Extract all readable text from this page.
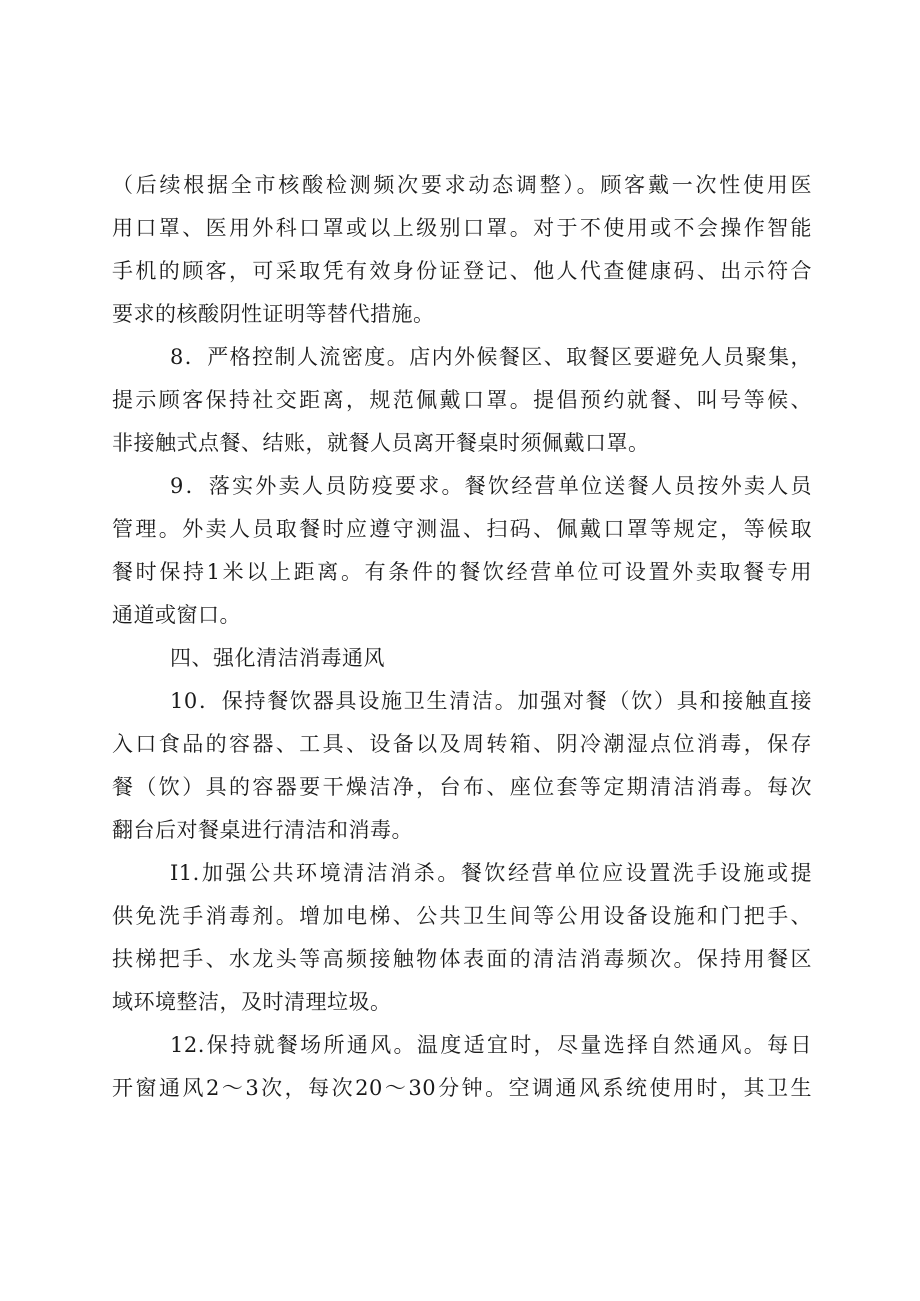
（后续根据全市核酸检测频次要求动态调整）。顾客戴一次性使用医
用口罩、医用外科口罩或以上级别口罩。对于不使用或不会操作智能
手机的顾客，可采取凭有效身份证登记、他人代查健康码、出示符合
要求的核酸阴性证明等替代措施。
8．严格控制人流密度。店内外候餐区、取餐区要避免人员聚集，
提示顾客保持社交距离，规范佩戴口罩。提倡预约就餐、叫号等候、
非接触式点餐、结账，就餐人员离开餐桌时须佩戴口罩。
9．落实外卖人员防疫要求。餐饮经营单位送餐人员按外卖人员
管理。外卖人员取餐时应遵守测温、扫码、佩戴口罩等规定，等候取
餐时保持1米以上距离。有条件的餐饮经营单位可设置外卖取餐专用
通道或窗口。
四、强化清洁消毒通风
10．保持餐饮器具设施卫生清洁。加强对餐（饮）具和接触直接
入口食品的容器、工具、设备以及周转箱、阴冷潮湿点位消毒，保存
餐（饮）具的容器要干燥洁净，台布、座位套等定期清洁消毒。每次
翻台后对餐桌进行清洁和消毒。
I1.加强公共环境清洁消杀。餐饮经营单位应设置洗手设施或提
供免洗手消毒剂。增加电梯、公共卫生间等公用设备设施和门把手、
扶梯把手、水龙头等高频接触物体表面的清洁消毒频次。保持用餐区
域环境整洁，及时清理垃圾。
12.保持就餐场所通风。温度适宜时，尽量选择自然通风。每日
开窗通风2～3次，每次20～30分钟。空调通风系统使用时，其卫生
